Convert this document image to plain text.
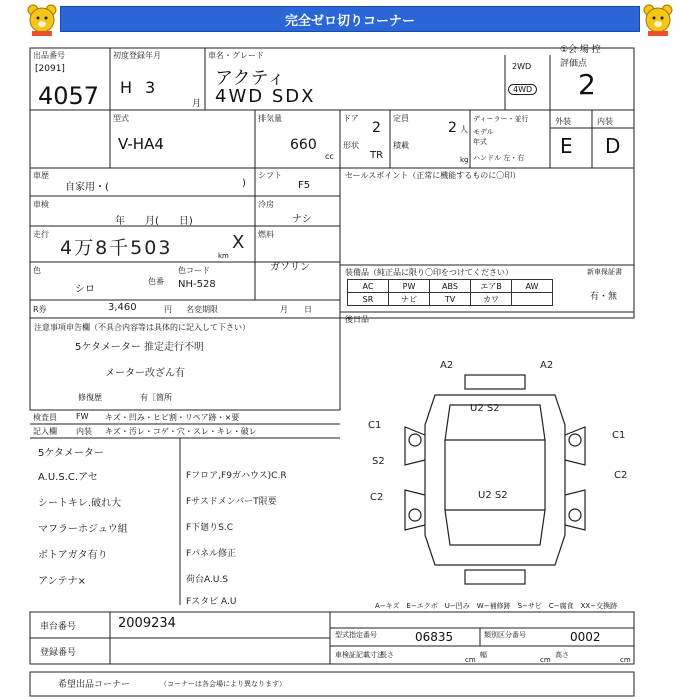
完全ゼロ切りコーナー
①会 場 控
出品番号
[2091]
4057
初度登録年月
H 3
月
車名・グレード
アクティ
4WD SDX
2WD
4WD
評価点
2
外装	内装
E D
型式
V-HA4
排気量
660
cc
ドア
2
形状
TR
定員
2 人
積載
kg
ディーラー・並行
モデル
年式
ハンドル 左・右
車歴
自家用・(	)
車検
年　　月(　　日)
走行
4万8千503	km
X
色
シロ
色番
色コード
NH-528
R券	3,460	円 名変期限	月　　日
シフト
F5
冷房
ナシ
燃料
ガソリン
セールスポイント（正常に機能するものに〇印）
装備品（純正品に限り〇印をつけてください）
AC	PW	ABS	エアB	AW
SR	ナビ	TV	カワ	
新車保証書
有・無
後日品
注意事項申告欄（不具合内容等は具体的に記入して下さい）
5ケタメーター 推定走行不明
メーター改ざん有
修復歴	有［箇所
検査員 FW キズ・凹み・ヒビ割・リペア跡・×要
記入欄 内装 キズ・汚レ・コゲ・穴・スレ・キレ・破レ
5ケタメーター
A.U.S.C.アセ
シートキレ.破れ大
マフラーホジュウ組
ボトアガタ有り
アンテナ×
Fフロア,F9ガハウス)C.R
FサスドメンバーT限要
F下廻りS.C
Fパネル修正
荷台A.U.S
Fスタビ A.U
A2	A2
U2 S2
C1
S2
C2
C1
C2
U2 S2
A−キズ　E−エクボ　U−凹み　W−補修跡　S−サビ　C−腐食　XX−交換跡
車台番号	2009234
登録番号
型式指定番号	06835	類別区分番号	0002
車検証記載寸法
長さ
cm
幅
cm
高さ
cm
希望出品コーナー	（コーナーは各会場により異なります）
